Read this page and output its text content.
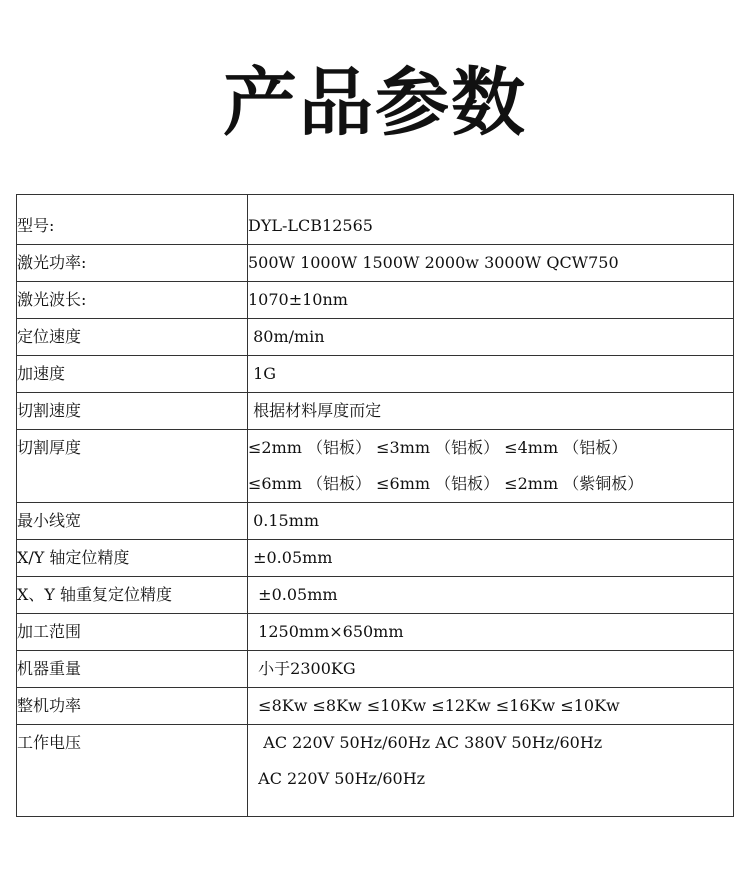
产品参数
型号:	DYL-LCB12565

激光功率:	500W 1000W 1500W 2000w 3000W QCW750

激光波长:	1070±10nm

定位速度	80m/min

加速度	1G

切割速度	根据材料厚度而定

切割厚度	≤2mm （铝板） ≤3mm （铝板） ≤4mm （铝板）
≤6mm （铝板） ≤6mm （铝板） ≤2mm （紫铜板）

最小线宽	0.15mm

X/Y 轴定位精度	±0.05mm

X、Y 轴重复定位精度	±0.05mm

加工范围	1250mm×650mm

机器重量	小于2300KG

整机功率	≤8Kw ≤8Kw ≤10Kw ≤12Kw ≤16Kw ≤10Kw

工作电压	AC 220V 50Hz/60Hz AC 380V 50Hz/60Hz
AC 220V 50Hz/60Hz
